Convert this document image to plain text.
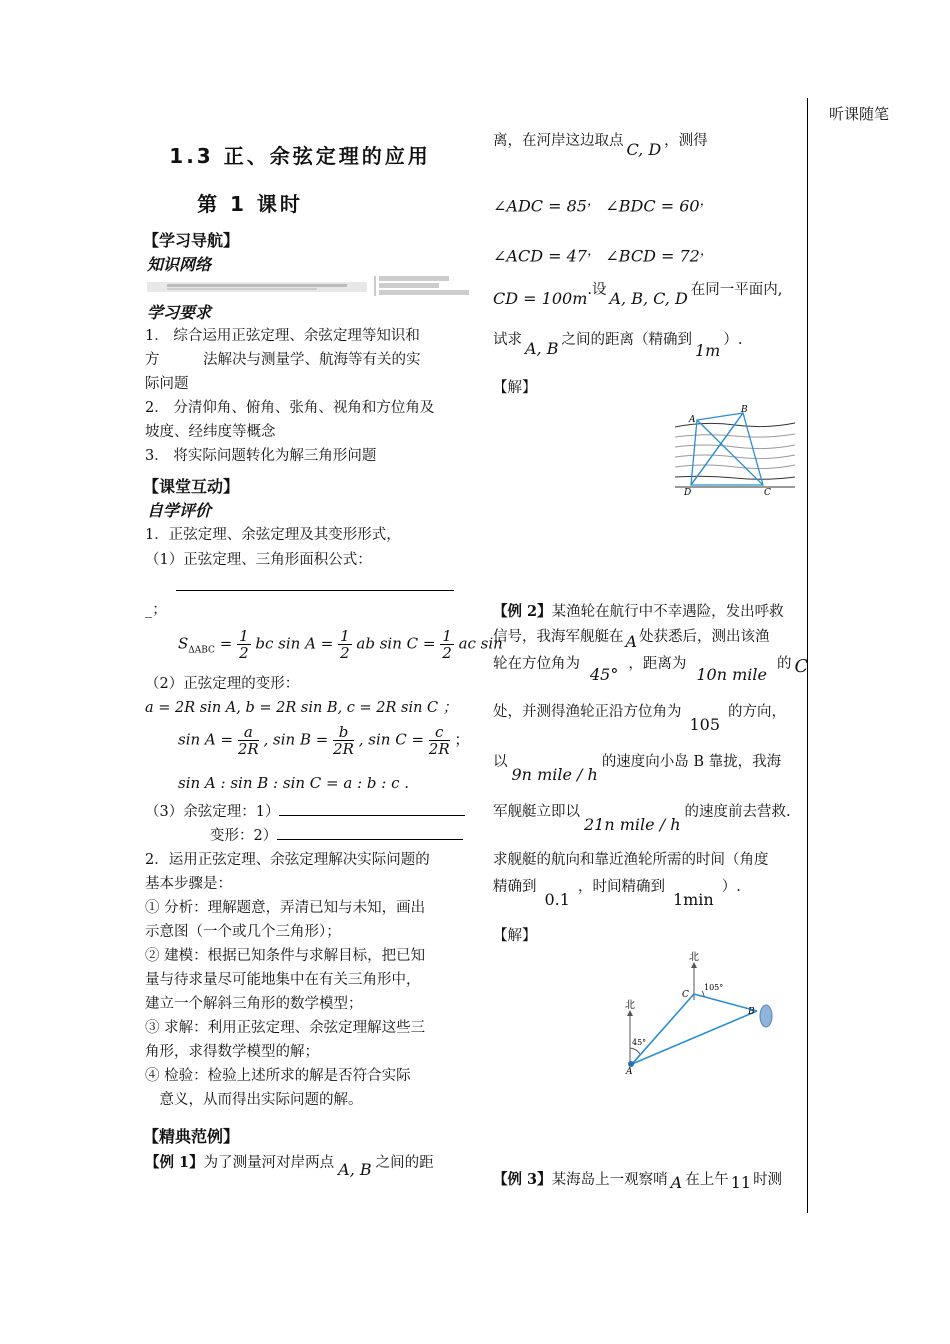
听课随笔
1.3 正、余弦定理的应用
第 1 课时
【学习导航】
知识网络
学习要求
1． 综合运用正弦定理、余弦定理等知识和
方　　　法解决与测量学、航海等有关的实
际问题
2． 分清仰角、俯角、张角、视角和方位角及
坡度、经纬度等概念
3． 将实际问题转化为解三角形问题
【课堂互动】
自学评价
1．正弦定理、余弦定理及其变形形式，
（1）正弦定理、三角形面积公式：
_；
$S_{\Delta ABC} = \frac{1}{2}$ bc $\sin A = \frac{1}{2}$ ab $\sin C = \frac{1}{2}$ ac sin
（2）正弦定理的变形：
a = 2R sin A, b = 2R sin B, c = 2R sin C ；
$\sin A = \frac{a}{2R}$ , $\sin B = \frac{b}{2R}$ , $\sin C = \frac{c}{2R}$ ；
sin A : sin B : sin C = a : b : c .
（3）余弦定理：1）
变形：2）
2．运用正弦定理、余弦定理解决实际问题的
基本步骤是：
① 分析：理解题意，弄清已知与未知，画出
示意图（一个或几个三角形）；
② 建模：根据已知条件与求解目标，把已知
量与待求量尽可能地集中在有关三角形中，
建立一个解斜三角形的数学模型；
③ 求解：利用正弦定理、余弦定理解这些三
角形，求得数学模型的解；
④ 检验：检验上述所求的解是否符合实际
　意义，从而得出实际问题的解。
【精典范例】
【例 1】为了测量河对岸两点 A, B 之间的距
离，在河岸这边取点 C, D ，测得
∠ADC = 85， ∠BDC = 60，
∠ACD = 47， ∠BCD = 72，
CD = 100m.设 A, B, C, D 在同一平面内,
试求 A, B 之间的距离（精确到1m）.
【解】
A
B
C
D
【例 2】某渔轮在航行中不幸遇险，发出呼救
信号，我海军舰艇在 A 处获悉后，测出该渔
轮在方位角为45°，距离为10n mile的 C
处，并测得渔轮正沿方位角为105的方向，
以9n mile / h的速度向小岛 B 靠拢，我海
军舰艇立即以21n mile / h的速度前去营救.
求舰艇的航向和靠近渔轮所需的时间（角度
精确到0.1，时间精确到1min）.
【解】
北
北
C
B
A
105°
45°
【例 3】某海岛上一观察哨 A 在上午 11 时测
